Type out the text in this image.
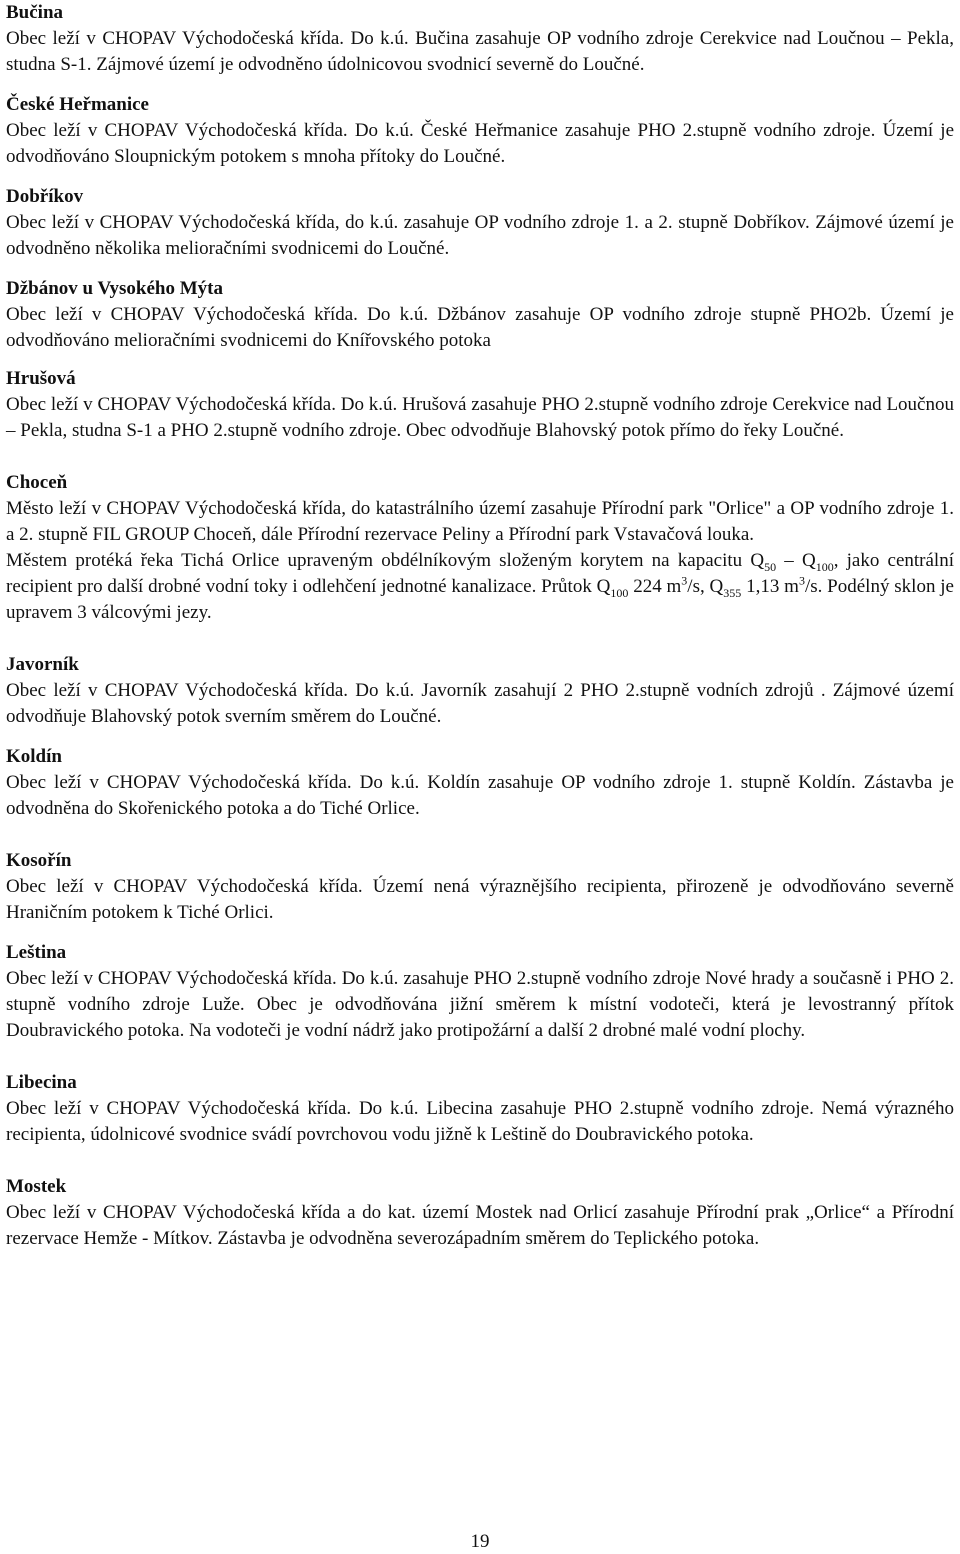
Bučina

Obec leží v CHOPAV Východočeská křída. Do k.ú. Bučina zasahuje OP vodního zdroje Cerekvice nad Loučnou – Pekla, studna S-1. Zájmové území je odvodněno údolnicovou svodnicí severně do Loučné.

České Heřmanice

Obec leží v CHOPAV Východočeská křída. Do k.ú. České Heřmanice zasahuje PHO 2.stupně vodního zdroje. Území je odvodňováno Sloupnickým potokem s mnoha přítoky do Loučné.

Dobříkov

Obec leží v CHOPAV Východočeská křída, do k.ú. zasahuje OP vodního zdroje 1. a 2. stupně Dobříkov. Zájmové území je odvodněno několika melioračními svodnicemi do Loučné.

Džbánov u Vysokého Mýta

Obec leží v CHOPAV Východočeská křída. Do k.ú. Džbánov zasahuje OP vodního zdroje stupně PHO2b. Území je odvodňováno melioračními svodnicemi do Knířovského potoka

Hrušová

Obec leží v CHOPAV Východočeská křída. Do k.ú. Hrušová zasahuje PHO 2.stupně vodního zdroje Cerekvice nad Loučnou – Pekla, studna S-1 a PHO 2.stupně vodního zdroje. Obec odvodňuje Blahovský potok přímo do řeky Loučné.

Choceň

Město leží v CHOPAV Východočeská křída, do katastrálního území zasahuje Přírodní park "Orlice" a OP vodního zdroje 1. a 2. stupně FIL GROUP Choceň, dále Přírodní rezervace Peliny a Přírodní park Vstavačová louka.

Městem protéká řeka Tichá Orlice upraveným obdélníkovým složeným korytem na kapacitu $Q_{50} - Q_{100}$, jako centrální recipient pro další drobné vodní toky i odlehčení jednotné kanalizace. Průtok $Q_{100}$ 224 $m^3/s$, $Q_{355}$ 1,13 $m^3/s$. Podélný sklon je upravem 3 válcovými jezy.

Javorník

Obec leží v CHOPAV Východočeská křída. Do k.ú. Javorník zasahují 2 PHO 2.stupně vodních zdrojů . Zájmové území odvodňuje Blahovský potok sverním směrem do Loučné.

Koldín

Obec leží v CHOPAV Východočeská křída. Do k.ú. Koldín zasahuje OP vodního zdroje 1. stupně Koldín. Zástavba je odvodněna do Skořenického potoka a do Tiché Orlice.

Kosořín

Obec leží v CHOPAV Východočeská křída. Území nená výraznějšího recipienta, přirozeně je odvodňováno severně Hraničním potokem k Tiché Orlici.

Leština

Obec leží v CHOPAV Východočeská křída. Do k.ú. zasahuje PHO 2.stupně vodního zdroje Nové hrady a současně i PHO 2. stupně vodního zdroje Luže. Obec je odvodňována jižní směrem k místní vodoteči, která je levostranný přítok Doubravického potoka. Na vodoteči je vodní nádrž jako protipožární a další 2 drobné malé vodní plochy.

Libecina

Obec leží v CHOPAV Východočeská křída. Do k.ú. Libecina zasahuje PHO 2.stupně vodního zdroje. Nemá výrazného recipienta, údolnicové svodnice svádí povrchovou vodu jižně k Leštině do Doubravického potoka.

Mostek

Obec leží v CHOPAV Východočeská křída a do kat. území Mostek nad Orlicí zasahuje Přírodní prak „Orlice“ a Přírodní rezervace Hemže - Mítkov. Zástavba je odvodněna severozápadním směrem do Teplického potoka.

19
